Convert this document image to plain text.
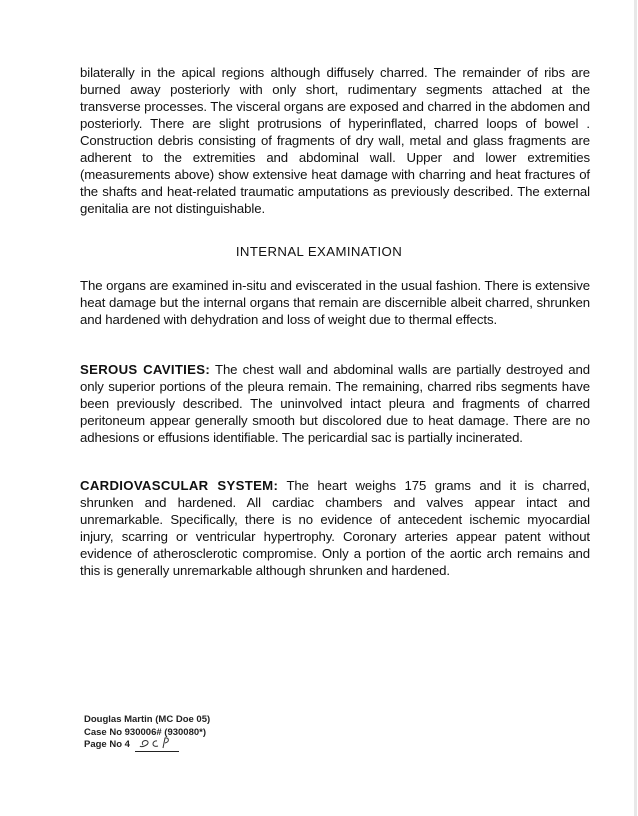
bilaterally in the apical regions although diffusely charred. The remainder of ribs are burned away posteriorly with only short, rudimentary segments attached at the transverse processes. The visceral organs are exposed and charred in the abdomen and posteriorly. There are slight protrusions of hyperinflated, charred loops of bowel . Construction debris consisting of fragments of dry wall, metal and glass fragments are adherent to the extremities and abdominal wall. Upper and lower extremities (measurements above) show extensive heat damage with charring and heat fractures of the shafts and heat-related traumatic amputations as previously described. The external genitalia are not distinguishable.

INTERNAL EXAMINATION

The organs are examined in-situ and eviscerated in the usual fashion. There is extensive heat damage but the internal organs that remain are discernible albeit charred, shrunken and hardened with dehydration and loss of weight due to thermal effects.

SEROUS CAVITIES: The chest wall and abdominal walls are partially destroyed and only superior portions of the pleura remain. The remaining, charred ribs segments have been previously described. The uninvolved intact pleura and fragments of charred peritoneum appear generally smooth but discolored due to heat damage. There are no adhesions or effusions identifiable. The pericardial sac is partially incinerated.

CARDIOVASCULAR SYSTEM: The heart weighs 175 grams and it is charred, shrunken and hardened. All cardiac chambers and valves appear intact and unremarkable. Specifically, there is no evidence of antecedent ischemic myocardial injury, scarring or ventricular hypertrophy. Coronary arteries appear patent without evidence of atherosclerotic compromise. Only a portion of the aortic arch remains and this is generally unremarkable although shrunken and hardened.

Douglas Martin (MC Doe 05)
Case No 930006# (930080*)
Page No 4
